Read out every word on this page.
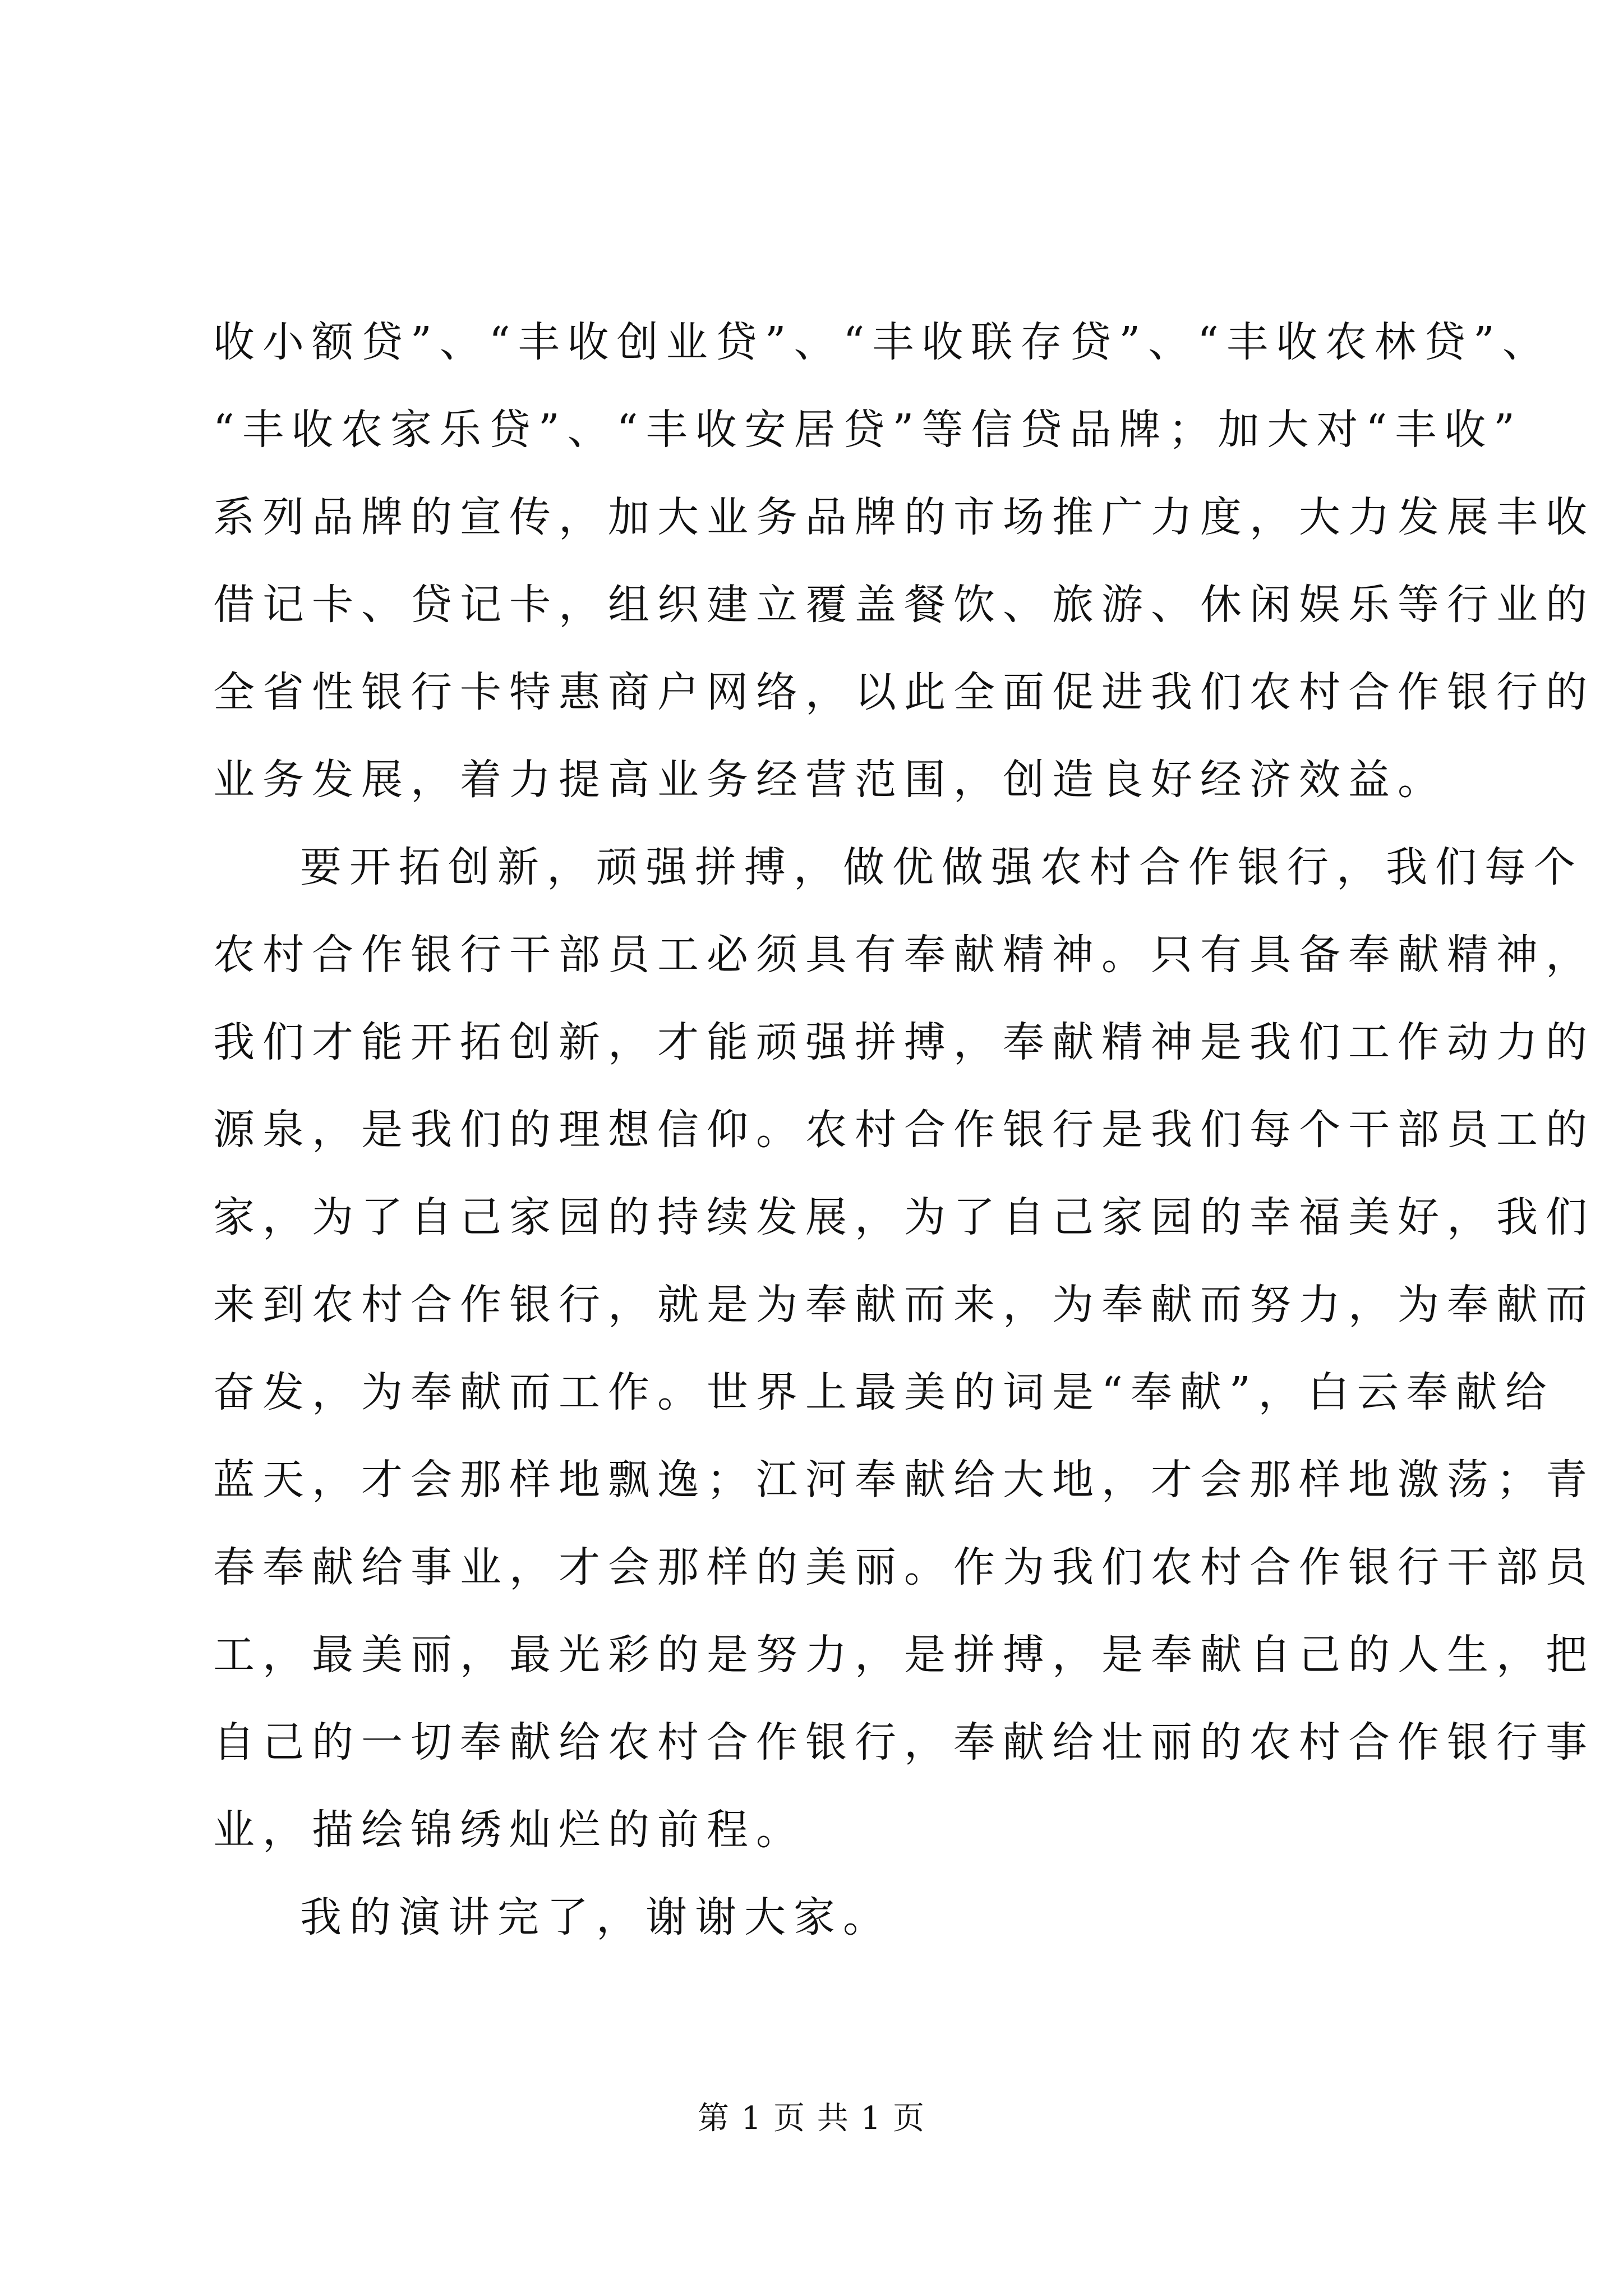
收小额贷”、“丰收创业贷”、“丰收联存贷”、“丰收农林贷”、
“丰收农家乐贷”、“丰收安居贷”等信贷品牌；加大对“丰收”
系列品牌的宣传，加大业务品牌的市场推广力度，大力发展丰收
借记卡、贷记卡，组织建立覆盖餐饮、旅游、休闲娱乐等行业的
全省性银行卡特惠商户网络，以此全面促进我们农村合作银行的
业务发展，着力提高业务经营范围，创造良好经济效益。
要开拓创新，顽强拼搏，做优做强农村合作银行，我们每个
农村合作银行干部员工必须具有奉献精神。只有具备奉献精神，
我们才能开拓创新，才能顽强拼搏，奉献精神是我们工作动力的
源泉，是我们的理想信仰。农村合作银行是我们每个干部员工的
家，为了自己家园的持续发展，为了自己家园的幸福美好，我们
来到农村合作银行，就是为奉献而来，为奉献而努力，为奉献而
奋发，为奉献而工作。世界上最美的词是“奉献”，白云奉献给
蓝天，才会那样地飘逸；江河奉献给大地，才会那样地激荡；青
春奉献给事业，才会那样的美丽。作为我们农村合作银行干部员
工，最美丽，最光彩的是努力，是拼搏，是奉献自己的人生，把
自己的一切奉献给农村合作银行，奉献给壮丽的农村合作银行事
业，描绘锦绣灿烂的前程。
我的演讲完了，谢谢大家。
第 1 页 共 1 页
